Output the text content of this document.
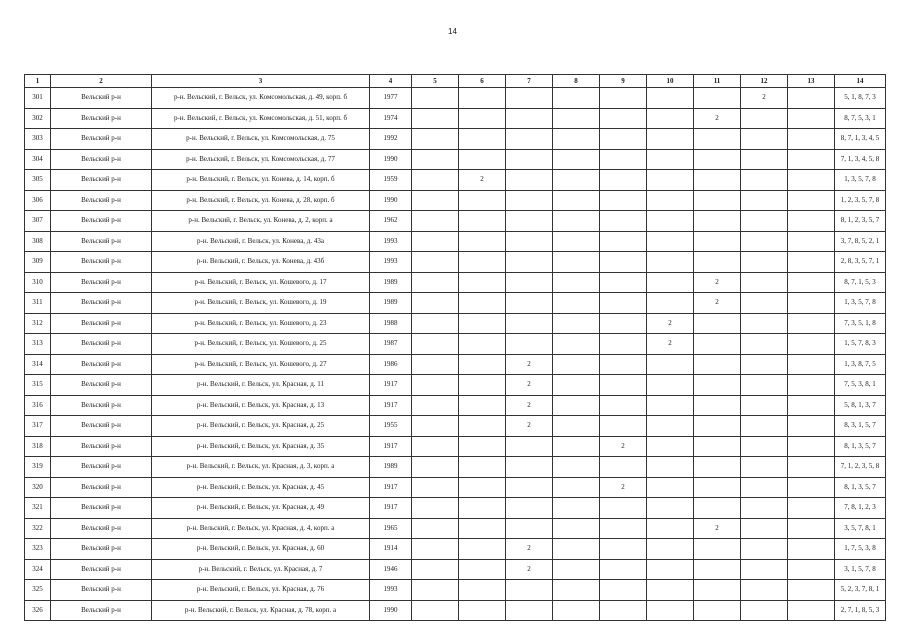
14
1	2	3	4	5	6	7	8	9	10	11	12	13	14
301	Вельский р-н	р-н. Вельский, г. Вельск, ул. Комсомольская, д. 49, корп. б	1977								2		5, 1, 8, 7, 3
302	Вельский р-н	р-н. Вельский, г. Вельск, ул. Комсомольская, д. 51, корп. б	1974							2			8, 7, 5, 3, 1
303	Вельский р-н	р-н. Вельский, г. Вельск, ул. Комсомольская, д. 75	1992										8, 7, 1, 3, 4, 5
304	Вельский р-н	р-н. Вельский, г. Вельск, ул. Комсомольская, д. 77	1990										7, 1, 3, 4, 5, 8
305	Вельский р-н	р-н. Вельский, г. Вельск, ул. Конева, д. 14, корп. б	1959		2								1, 3, 5, 7, 8
306	Вельский р-н	р-н. Вельский, г. Вельск, ул. Конева, д. 28, корп. б	1990										1, 2, 3, 5, 7, 8
307	Вельский р-н	р-н. Вельский, г. Вельск, ул. Конева, д. 2, корп. а	1962										8, 1, 2, 3, 5, 7
308	Вельский р-н	р-н. Вельский, г. Вельск, ул. Конева, д. 43а	1993										3, 7, 8, 5, 2, 1
309	Вельский р-н	р-н. Вельский, г. Вельск, ул. Конева, д. 43б	1993										2, 8, 3, 5, 7, 1
310	Вельский р-н	р-н. Вельский, г. Вельск, ул. Кошевого, д. 17	1989							2			8, 7, 1, 5, 3
311	Вельский р-н	р-н. Вельский, г. Вельск, ул. Кошевого, д. 19	1989							2			1, 3, 5, 7, 8
312	Вельский р-н	р-н. Вельский, г. Вельск, ул. Кошевого, д. 23	1988						2				7, 3, 5, 1, 8
313	Вельский р-н	р-н. Вельский, г. Вельск, ул. Кошевого, д. 25	1987						2				1, 5, 7, 8, 3
314	Вельский р-н	р-н. Вельский, г. Вельск, ул. Кошевого, д. 27	1986			2							1, 3, 8, 7, 5
315	Вельский р-н	р-н. Вельский, г. Вельск, ул. Красная, д. 11	1917			2							7, 5, 3, 8, 1
316	Вельский р-н	р-н. Вельский, г. Вельск, ул. Красная, д. 13	1917			2							5, 8, 1, 3, 7
317	Вельский р-н	р-н. Вельский, г. Вельск, ул. Красная, д. 25	1955			2							8, 3, 1, 5, 7
318	Вельский р-н	р-н. Вельский, г. Вельск, ул. Красная, д. 35	1917					2					8, 1, 3, 5, 7
319	Вельский р-н	р-н. Вельский, г. Вельск, ул. Красная, д. 3, корп. а	1989										7, 1, 2, 3, 5, 8
320	Вельский р-н	р-н. Вельский, г. Вельск, ул. Красная, д. 45	1917					2					8, 1, 3, 5, 7
321	Вельский р-н	р-н. Вельский, г. Вельск, ул. Красная, д. 49	1917										7, 8, 1, 2, 3
322	Вельский р-н	р-н. Вельский, г. Вельск, ул. Красная, д. 4, корп. а	1965							2			3, 5, 7, 8, 1
323	Вельский р-н	р-н. Вельский, г. Вельск, ул. Красная, д. 60	1914			2							1, 7, 5, 3, 8
324	Вельский р-н	р-н. Вельский, г. Вельск, ул. Красная, д. 7	1946			2							3, 1, 5, 7, 8
325	Вельский р-н	р-н. Вельский, г. Вельск, ул. Красная, д. 76	1993										5, 2, 3, 7, 8, 1
326	Вельский р-н	р-н. Вельский, г. Вельск, ул. Красная, д. 78, корп. а	1990										2, 7, 1, 8, 5, 3
